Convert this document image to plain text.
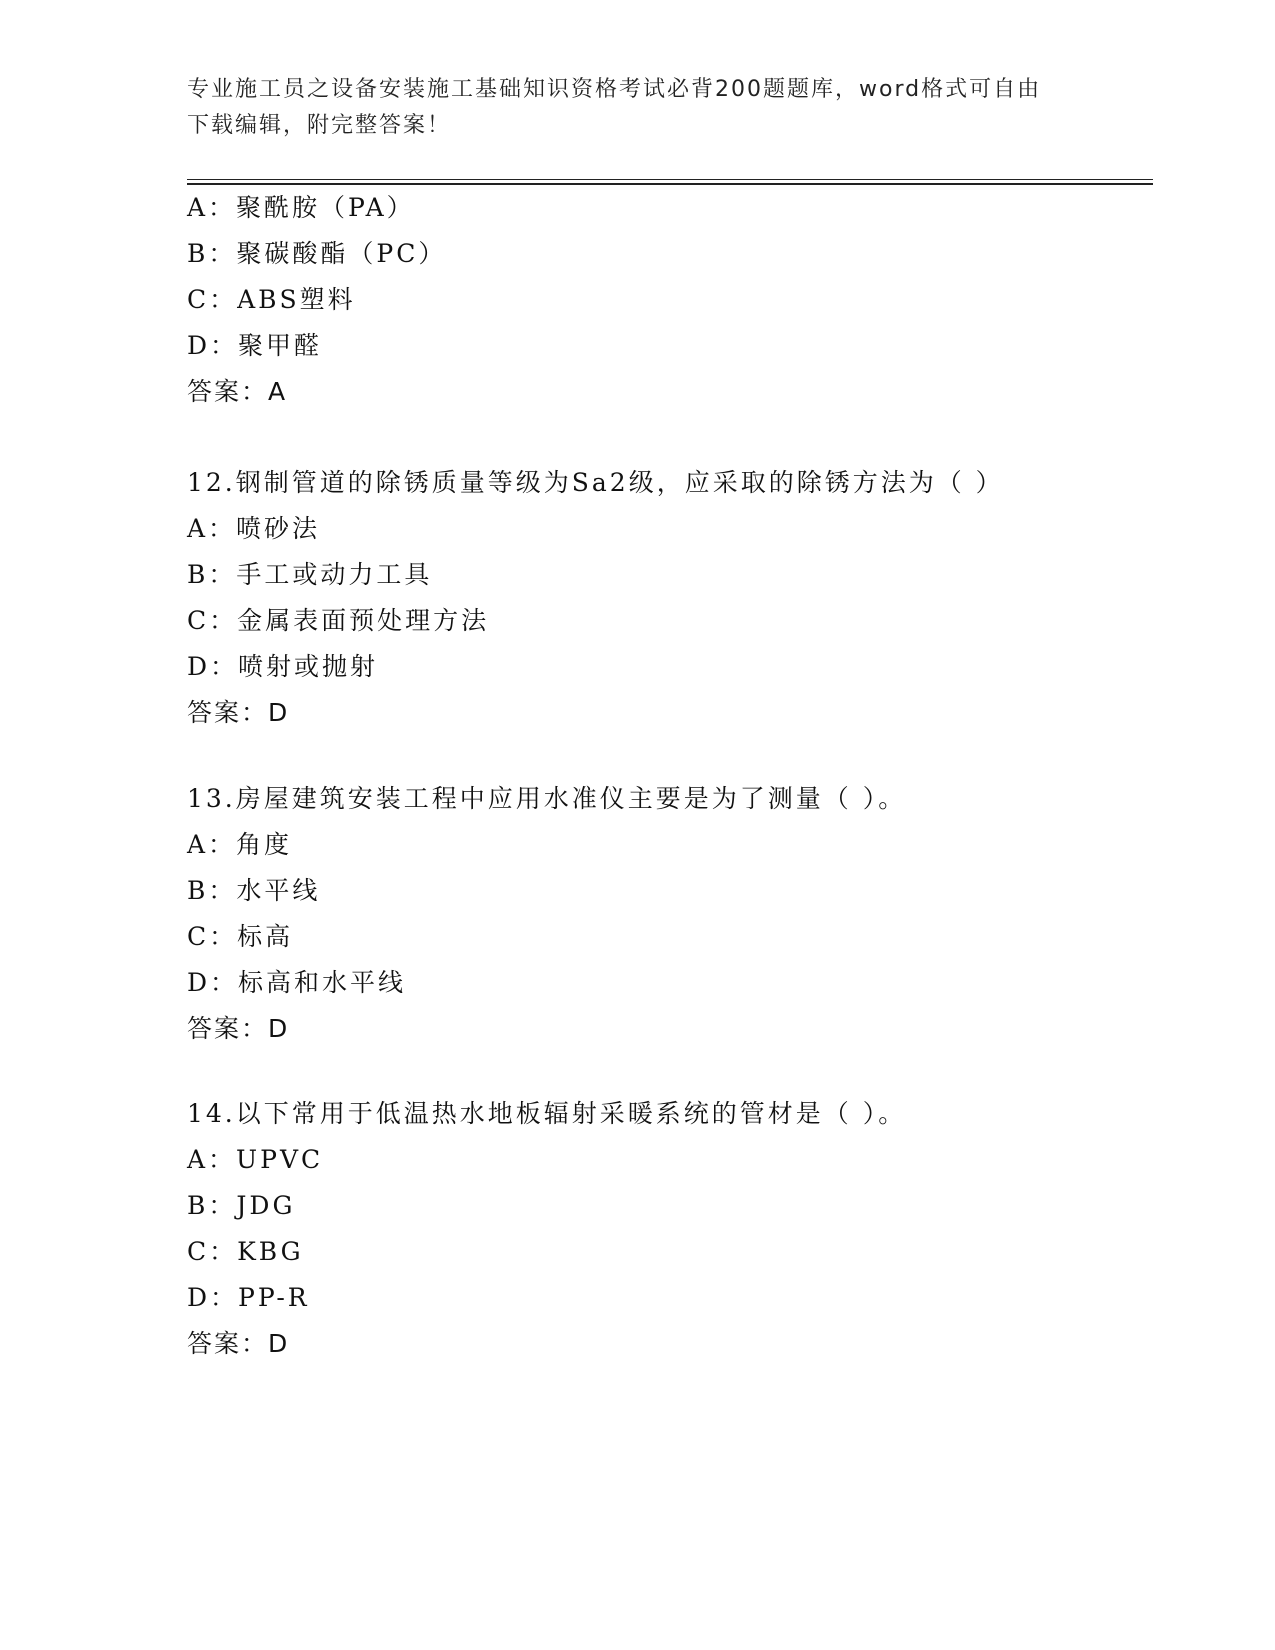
专业施工员之设备安装施工基础知识资格考试必背200题题库，word格式可自由
下载编辑，附完整答案！
A：聚酰胺（PA）
B：聚碳酸酯（PC）
C：ABS塑料
D：聚甲醛
答案：A
12.钢制管道的除锈质量等级为Sa2级，应采取的除锈方法为（ ）
A：喷砂法
B：手工或动力工具
C：金属表面预处理方法
D：喷射或抛射
答案：D
13.房屋建筑安装工程中应用水准仪主要是为了测量（ ）。
A：角度
B：水平线
C：标高
D：标高和水平线
答案：D
14.以下常用于低温热水地板辐射采暖系统的管材是（ ）。
A：UPVC
B：JDG
C：KBG
D：PP-R
答案：D
